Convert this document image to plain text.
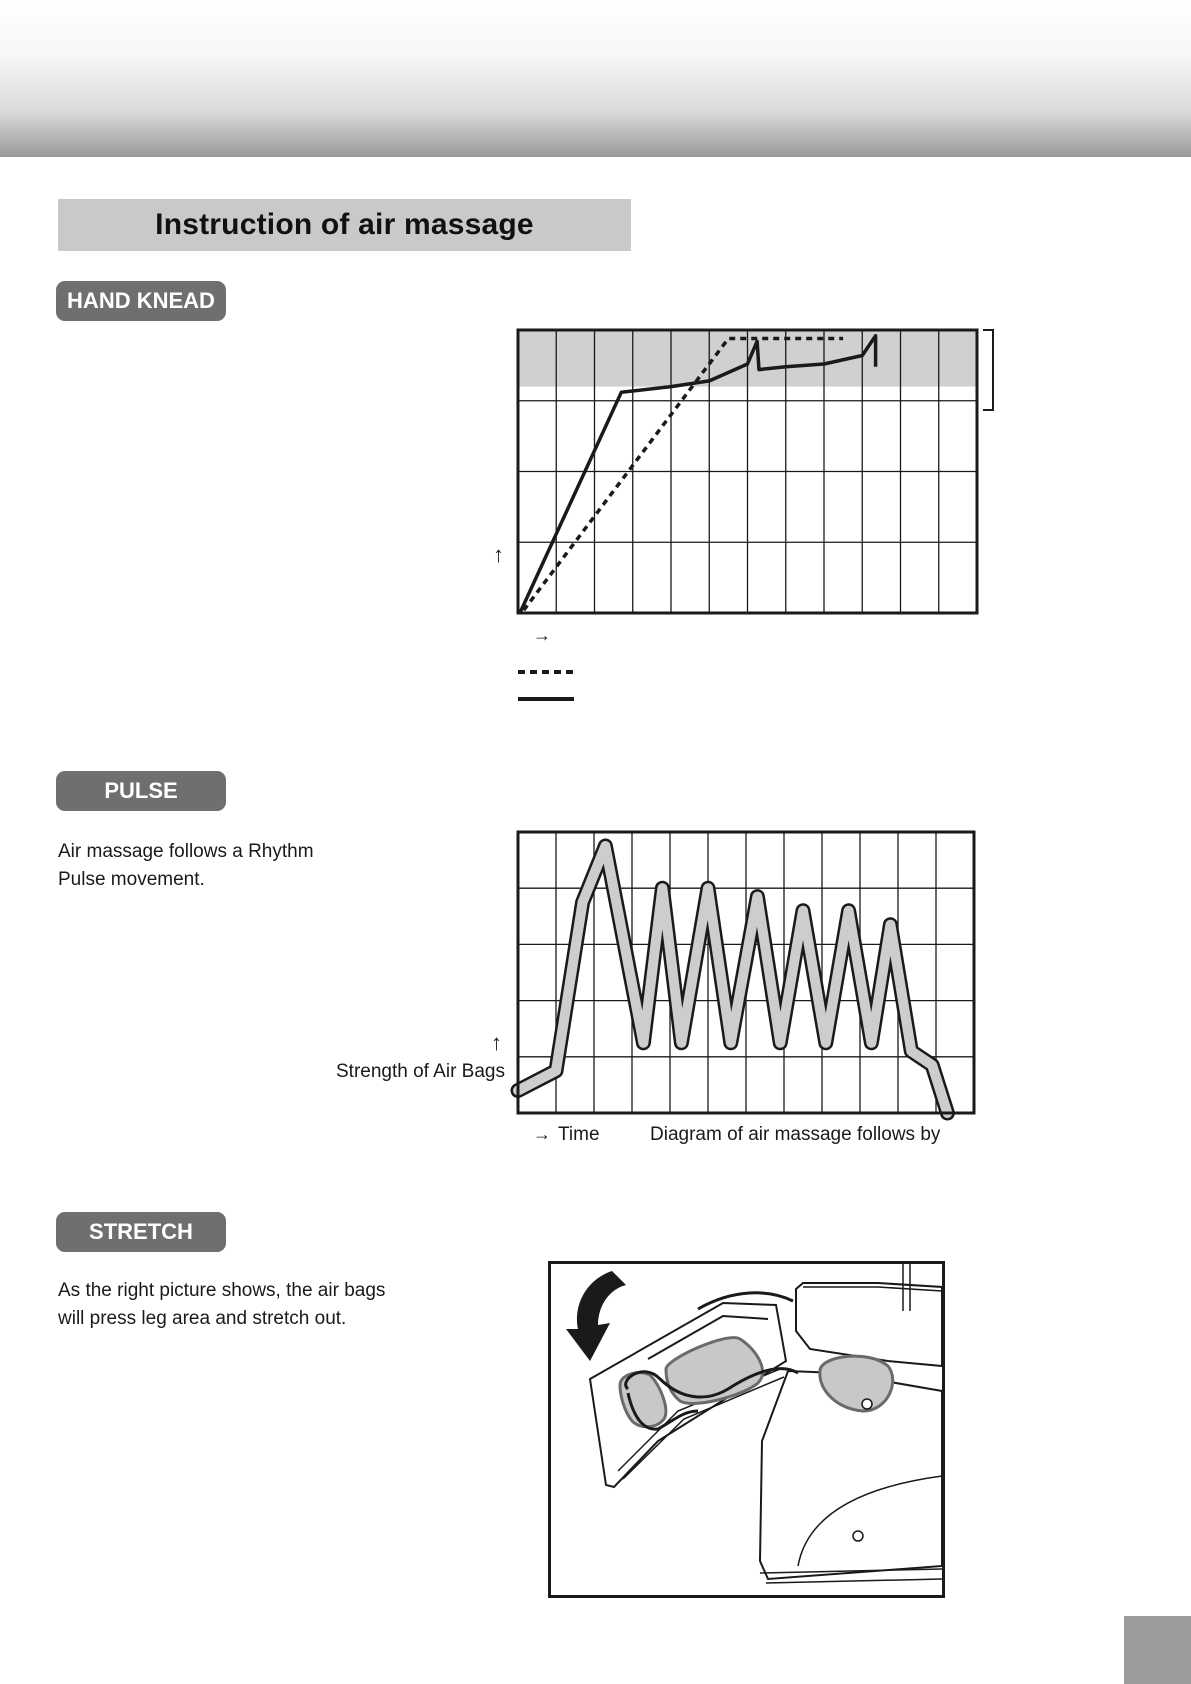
Instruction of air massage
HAND KNEAD
↑
→
PULSE
Air massage follows a Rhythm
Pulse movement.
↑
Strength of Air Bags
→ Time	Diagram of air massage follows by
STRETCH
As the right picture shows, the air bags
will press leg area and stretch out.
